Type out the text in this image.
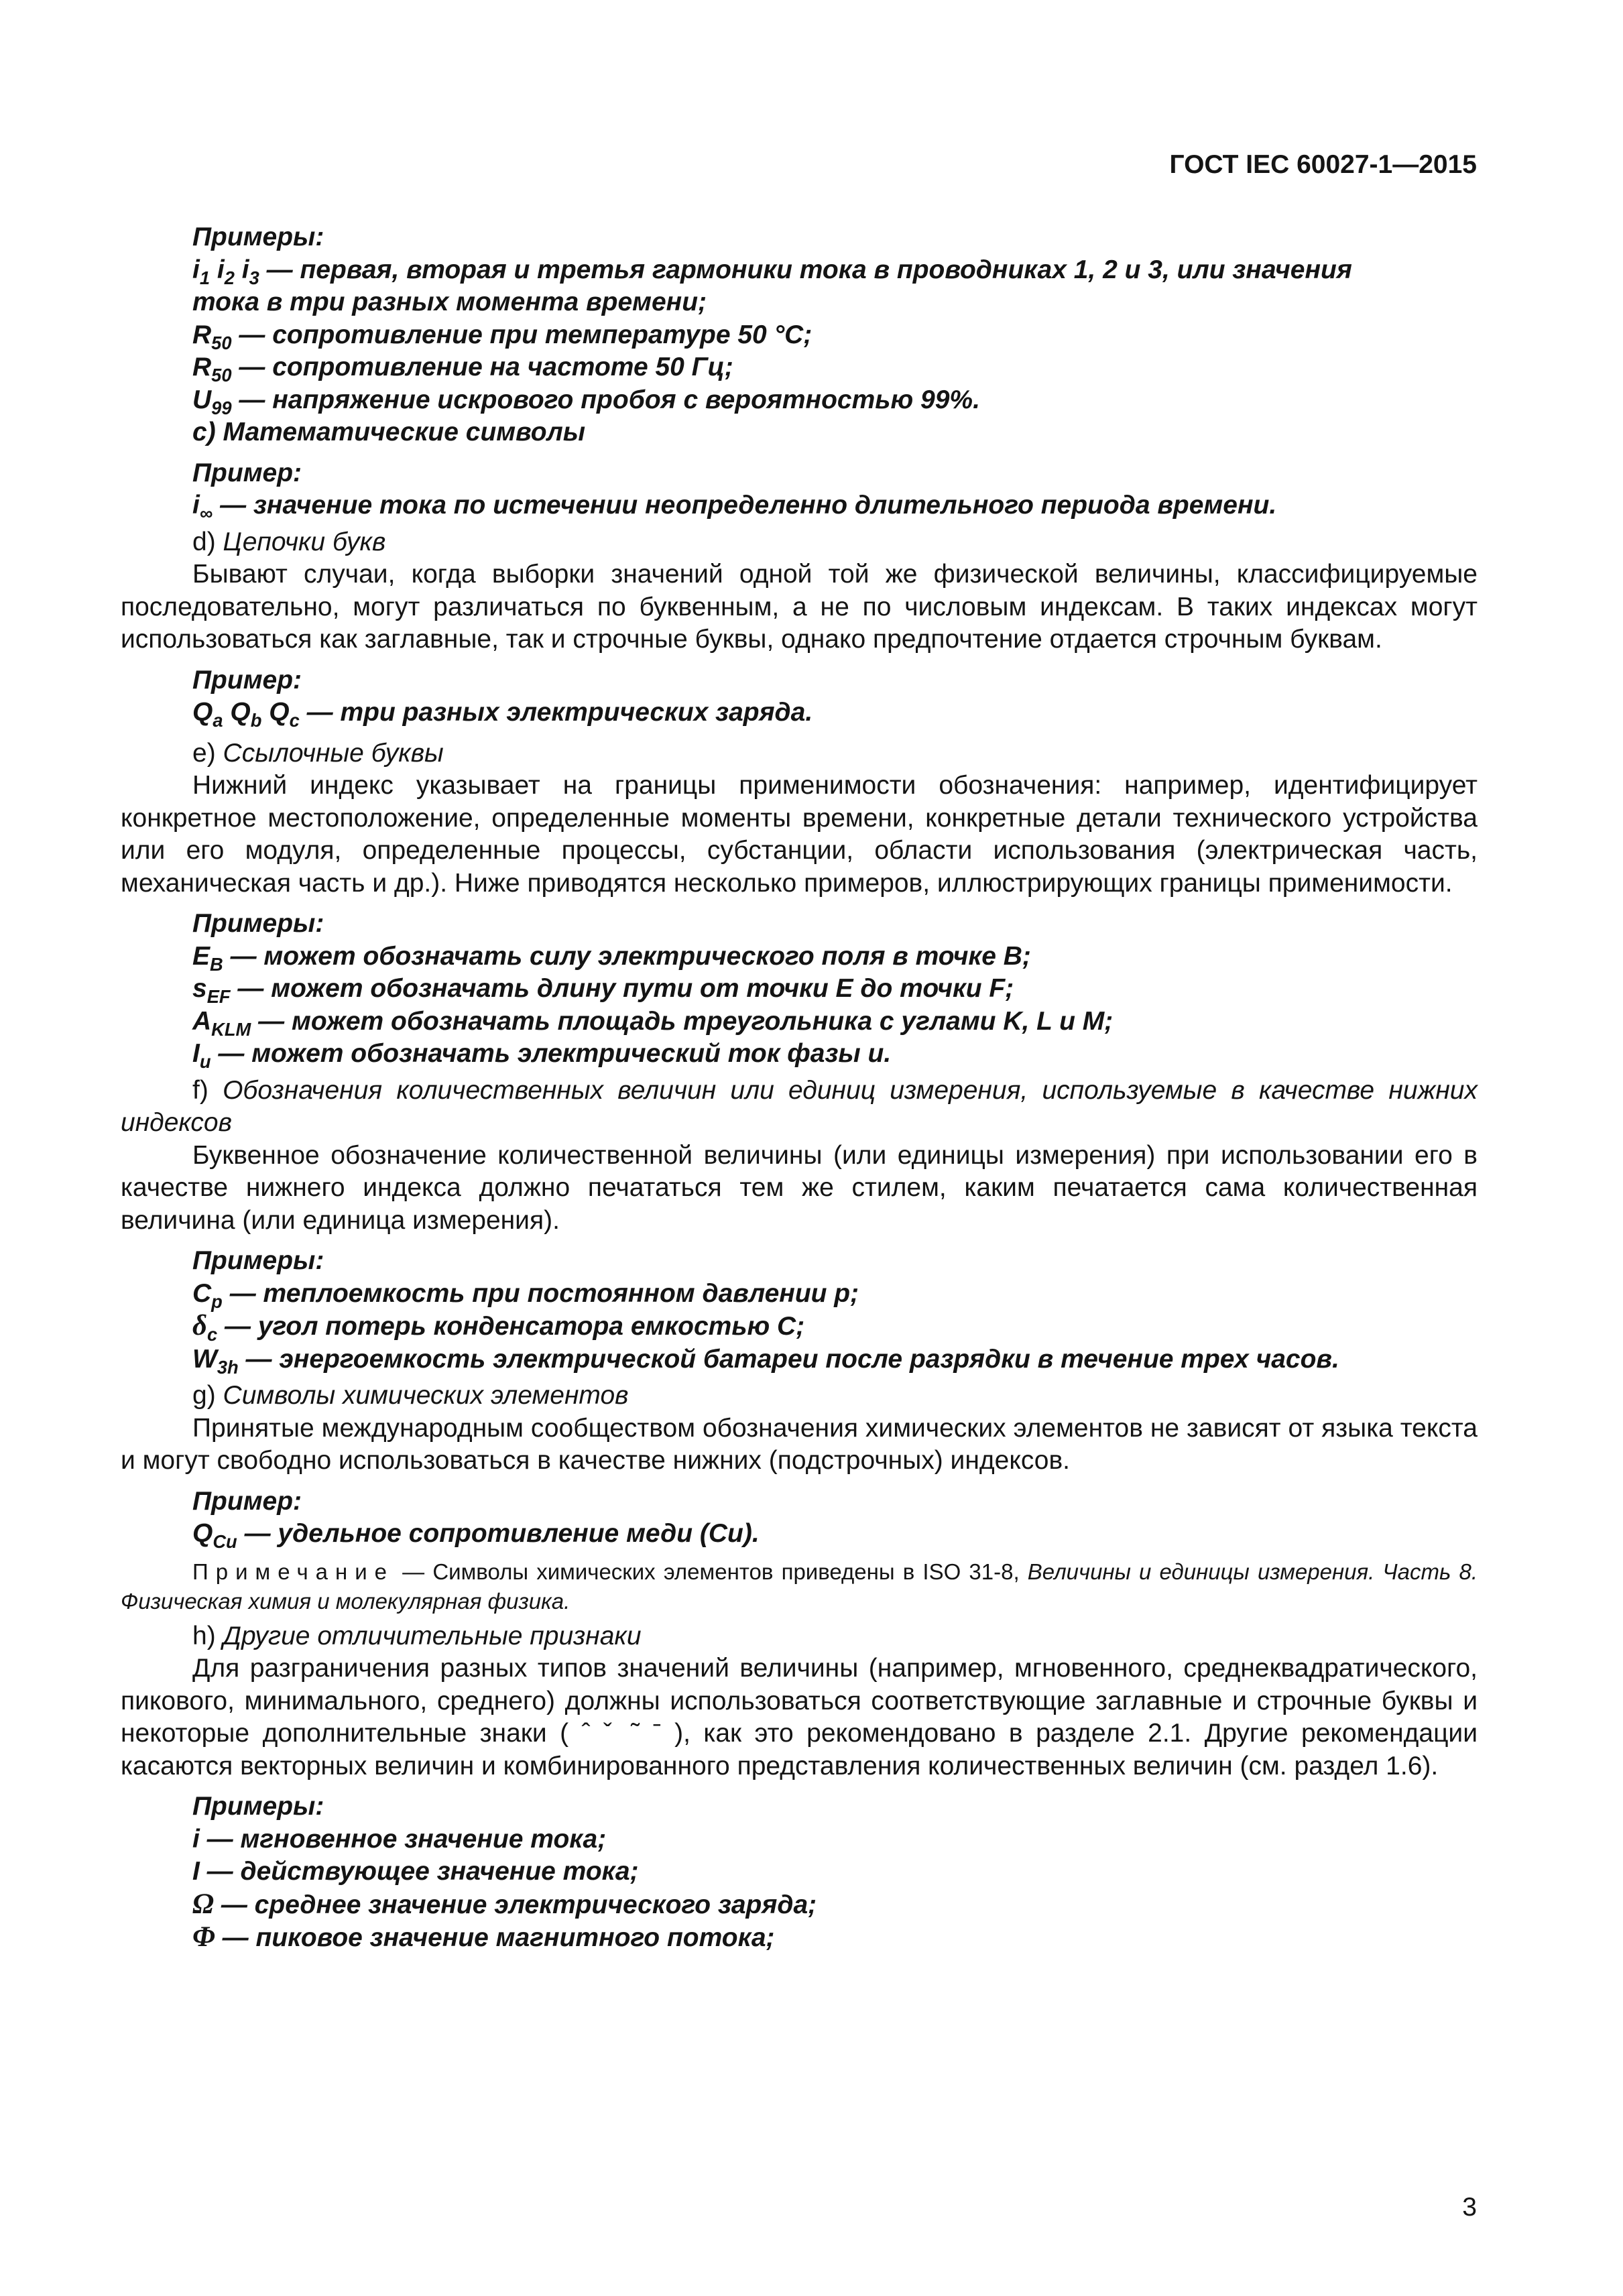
ГОСТ IEC 60027-1—2015
Примеры:
$i_1$ $i_2$ $i_3$ — первая, вторая и третья гармоники тока в проводниках 1, 2 и 3, или значения
тока в три разных момента времени;
$R_{50}$ — сопротивление при температуре 50 °С;
$R_{50}$ — сопротивление на частоте 50 Гц;
$U_{99}$ — напряжение искрового пробоя с вероятностью 99%.
c) Математические символы
Пример:
$i_\infty$ — значение тока по истечении неопределенно длительного периода времени.
d) Цепочки букв
Бывают случаи, когда выборки значений одной той же физической величины, классифицируемые последовательно, могут различаться по буквенным, а не по числовым индексам. В таких индексах могут использоваться как заглавные, так и строчные буквы, однако предпочтение отдается строчным буквам.
Пример:
$Q_a$ $Q_b$ $Q_c$ — три разных электрических заряда.
е) Ссылочные буквы
Нижний индекс указывает на границы применимости обозначения: например, идентифицирует конкретное местоположение, определенные моменты времени, конкретные детали технического устройства или его модуля, определенные процессы, субстанции, области использования (электрическая часть, механическая часть и др.). Ниже приводятся несколько примеров, иллюстрирующих границы применимости.
Примеры:
$E_B$ — может обозначать силу электрического поля в точке В;
$s_{EF}$ — может обозначать длину пути от точки Е до точки F;
$A_{KLM}$ — может обозначать площадь треугольника с углами K, L и М;
$I_u$ — может обозначать электрический ток фазы u.
f) Обозначения количественных величин или единиц измерения, используемые в качестве нижних индексов
Буквенное обозначение количественной величины (или единицы измерения) при использовании его в качестве нижнего индекса должно печататься тем же стилем, каким печатается сама количественная величина (или единица измерения).
Примеры:
$C_p$ — теплоемкость при постоянном давлении р;
$\delta_c$ — угол потерь конденсатора емкостью С;
$W_{3h}$ — энергоемкость электрической батареи после разрядки в течение трех часов.
g) Символы химических элементов
Принятые международным сообществом обозначения химических элементов не зависят от языка текста и могут свободно использоваться в качестве нижних (подстрочных) индексов.
Пример:
$Q_{Cu}$ — удельное сопротивление меди (Cu).
Примечание — Символы химических элементов приведены в ISO 31-8, Величины и единицы измерения. Часть 8. Физическая химия и молекулярная физика.
h) Другие отличительные признаки
Для разграничения разных типов значений величины (например, мгновенного, среднеквадратического, пикового, минимального, среднего) должны использоваться соответствующие заглавные и строчные буквы и некоторые дополнительные знаки ( ˆ ˇ ˜ ˉ ), как это рекомендовано в разделе 2.1. Другие рекомендации касаются векторных величин и комбинированного представления количественных величин (см. раздел 1.6).
Примеры:
i — мгновенное значение тока;
I — действующее значение тока;
Ω — среднее значение электрического заряда;
Φ — пиковое значение магнитного потока;
3
